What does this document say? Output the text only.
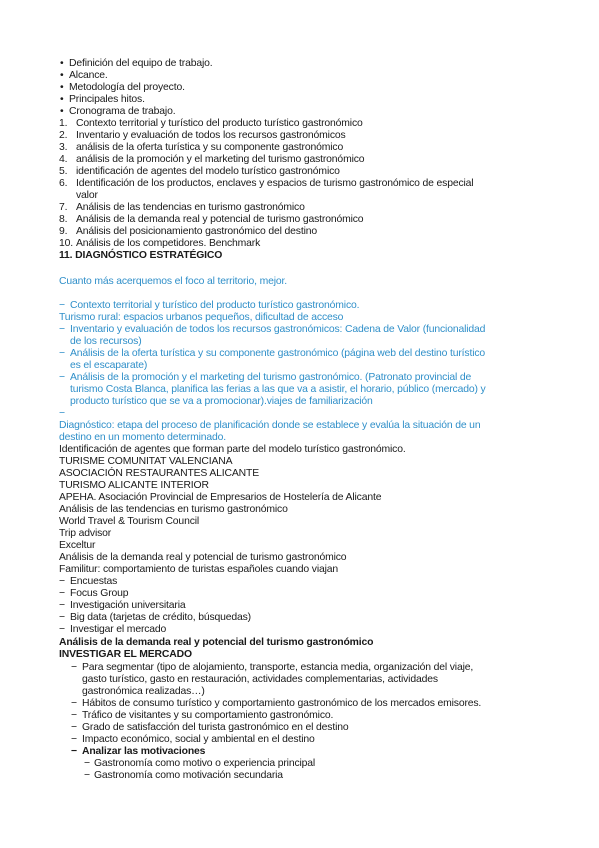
• Definición del equipo de trabajo.
• Alcance.
• Metodología del proyecto.
• Principales hitos.
• Cronograma de trabajo.
1. Contexto territorial y turístico del producto turístico gastronómico
2. Inventario y evaluación de todos los recursos gastronómicos
3. análisis de la oferta turística y su componente gastronómico
4. análisis de la promoción y el marketing del turismo gastronómico
5. identificación de agentes del modelo turístico gastronómico
6. Identificación de los productos, enclaves y espacios de turismo gastronómico de especial
valor
7. Análisis de las tendencias en turismo gastronómico
8. Análisis de la demanda real y potencial de turismo gastronómico
9. Análisis del posicionamiento gastronómico del destino
10. Análisis de los competidores. Benchmark
11. DIAGNÓSTICO ESTRATÉGICO
Cuanto más acerquemos el foco al territorio, mejor.
− Contexto territorial y turístico del producto turístico gastronómico.
Turismo rural: espacios urbanos pequeños, dificultad de acceso
− Inventario y evaluación de todos los recursos gastronómicos: Cadena de Valor (funcionalidad
de los recursos)
− Análisis de la oferta turística y su componente gastronómico (página web del destino turístico
es el escaparate)
− Análisis de la promoción y el marketing del turismo gastronómico. (Patronato provincial de
turismo Costa Blanca, planifica las ferias a las que va a asistir, el horario, público (mercado) y
producto turístico que se va a promocionar).viajes de familiarización
−
Diagnóstico: etapa del proceso de planificación donde se establece y evalúa la situación de un
destino en un momento determinado.
Identificación de agentes que forman parte del modelo turístico gastronómico.
TURISME COMUNITAT VALENCIANA
ASOCIACIÓN RESTAURANTES ALICANTE
TURISMO ALICANTE INTERIOR
APEHA. Asociación Provincial de Empresarios de Hostelería de Alicante
Análisis de las tendencias en turismo gastronómico
World Travel & Tourism Council
Trip advisor
Exceltur
Análisis de la demanda real y potencial de turismo gastronómico
Familitur: comportamiento de turistas españoles cuando viajan
− Encuestas
− Focus Group
− Investigación universitaria
− Big data (tarjetas de crédito, búsquedas)
− Investigar el mercado
Análisis de la demanda real y potencial del turismo gastronómico
INVESTIGAR EL MERCADO
− Para segmentar (tipo de alojamiento, transporte, estancia media, organización del viaje,
gasto turístico, gasto en restauración, actividades complementarias, actividades
gastronómica realizadas…)
− Hábitos de consumo turístico y comportamiento gastronómico de los mercados emisores.
− Tráfico de visitantes y su comportamiento gastronómico.
− Grado de satisfacción del turista gastronómico en el destino
− Impacto económico, social y ambiental en el destino
− Analizar las motivaciones
− Gastronomía como motivo o experiencia principal
− Gastronomía como motivación secundaria
